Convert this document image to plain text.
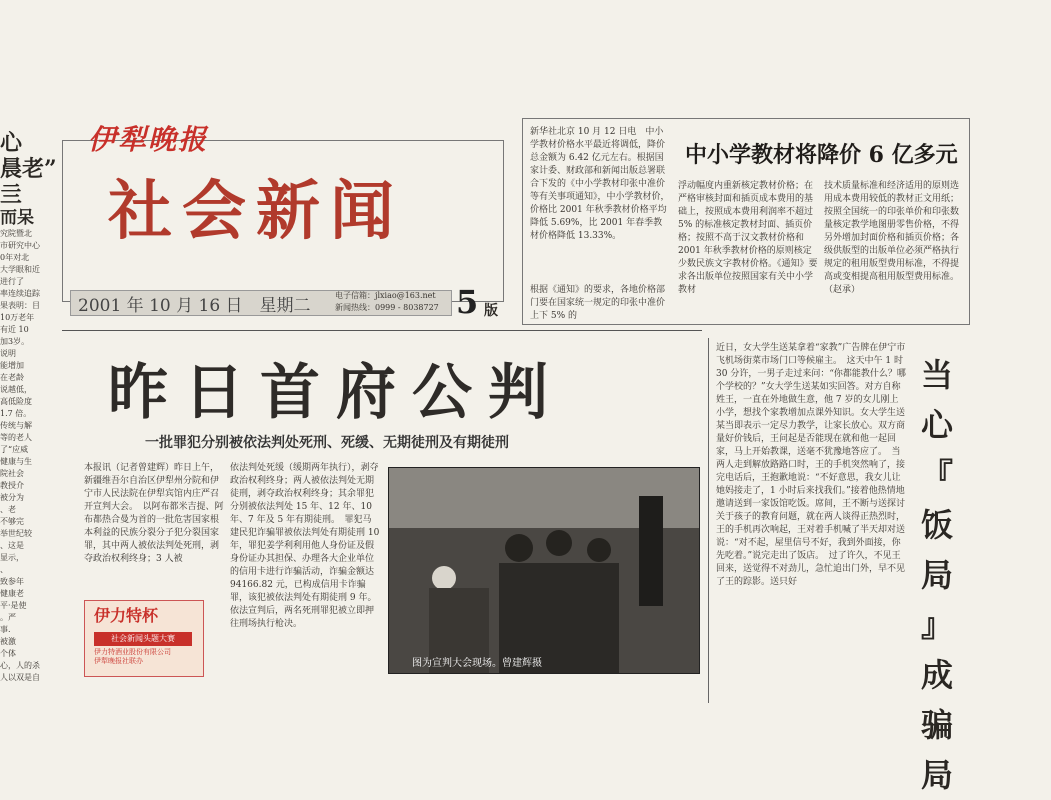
心
晨老”
亖
而呆
究院暨北
市研究中心
0年对北
大学眼和近
进行了
率连续追踪
果表明：目
10万老年
有近 10
加3岁。
说明
能增加
在老龄
说越低，
高低险度
1.7 倍。
传统与解
等的老人
了“应威
健康与生
院社会
教授介
被分为
、老
不够完
举世纪较
、这是
显示，
、
致参年
健康老
平·是使
。严
事.
被激
个体
心，人的杀
人以双是自
伊犁晚报
社会新闻
2001 年 10 月 16 日　星期二
电子信箱：jlxiao@163.net
新闻热线：0999 - 8038727 5 版
中小学教材将降价 6 亿多元
新华社北京 10 月 12 日电　中小学教材价格水平最近将调低，降价总金额为 6.42 亿元左右。根据国家计委、财政部和新闻出版总署联合下发的《中小学教材印张中准价等有关事项通知》，中小学教材价，价格比 2001 年秋季教材价格平均降低 5.69%，比 2001 年春季教材价格降低 13.33%。
根据《通知》的要求，各地价格部门要在国家统一规定的印张中准价上下 5% 的
浮动幅度内重新核定教材价格；在严格审核封面和插页成本费用的基础上，按照成本费用利润率不超过 5% 的标准核定教材封面、插页价格；按照不高于汉文教材价格和 2001 年秋季教材价格的原则核定少数民族文字教材价格。《通知》要求各出版单位按照国家有关中小学教材
技术质量标准和经济适用的原则选用成本费用较低的教材正文用纸；按照全国统一的印张单价和印张数量核定教学地图册零售价格，不得另外增加封面价格和插页价格；各级供版型的出版单位必须严格执行规定的租用版型费用标准，不得提高或变相提高租用版型费用标准。（赵承）
昨日首府公判
一批罪犯分别被依法判处死刑、死缓、无期徒刑及有期徒刑
本报讯（记者曾建辉）昨日上午，新疆维吾尔自治区伊犁州分院和伊宁市人民法院在伊犁宾馆内庄严召开宣判大会。　以阿布都米吉提、阿布都热合曼为首的一批危害国家根本利益的民族分裂分子犯分裂国家罪，其中两人被依法判处死刑，剥夺政治权利终身；3 人被
依法判处死缓（缓期两年执行），剥夺政治权利终身；两人被依法判处无期徒刑，剥夺政治权利终身；其余罪犯分别被依法判处 15 年、12 年、10 年、7 年及 5 年有期徒刑。　罪犯马建民犯诈骗罪被依法判处有期徒刑 10 年，罪犯姜学利利用他人身份证及假身份证办其担保、办理各大企业单位的信用卡进行诈骗活动，诈骗金额达 94166.82 元，已构成信用卡诈骗罪，该犯被依法判处有期徒刑 9 年。　依法宣判后，两名死刑罪犯被立即押往刑场执行枪决。
图为宣判大会现场。曾建辉摄
伊力特杯
社会新闻头题大赛
伊力特酒业股份有限公司
伊犁晚报社联办
近日，女大学生送某拿着“家教”广告牌在伊宁市飞机场街菜市场门口等候雇主。　这天中午 1 时 30 分许，一男子走过来问：“你都能教什么？哪个学校的？”女大学生送某如实回答。对方自称姓王，一直在外地做生意，他 7 岁的女儿刚上小学，想找个家教增加点课外知识。女大学生送某当即表示一定尽力教学，让家长放心。双方商量好价钱后，王问起是否能现在就和他一起回家，马上开始教课，送毫不犹豫地答应了。　当两人走到解放路路口时，王的手机突然响了，接完电话后，王抱歉地说：“不好意思，我女儿让她妈接走了，1 小时后来找我们。”接着他热情地邀请送到一家饭馆吃饭。席间，王不断与送探讨关于孩子的教育问题，就在两人谈得正热烈时，王的手机再次响起，王对着手机喊了半天却对送说：“对不起，屋里信号不好，我到外面接，你先吃着。”说完走出了饭店。　过了许久，不见王回来，送觉得不对劲儿，急忙追出门外，早不见了王的踪影。送只好
当
心
『
饭
局
』
成
骗
局
